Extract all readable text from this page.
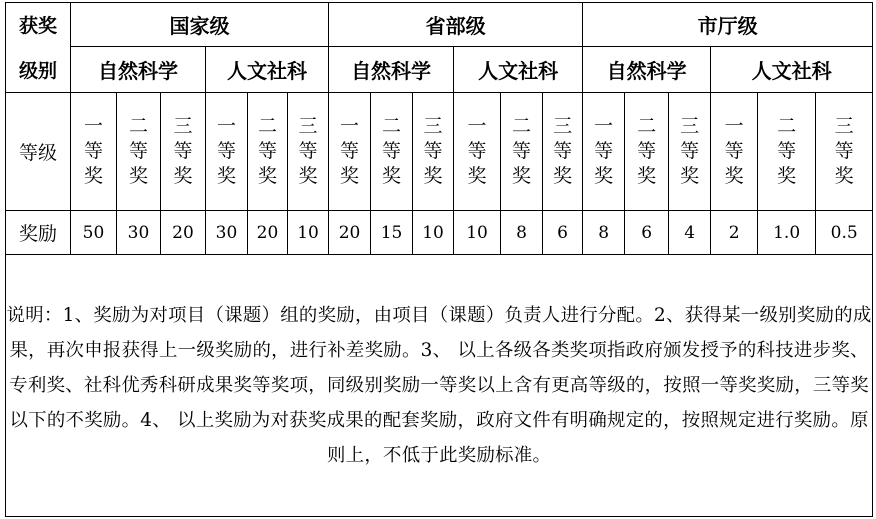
获奖	国家级						省部级						市厅级					
级别	自然科学			人文社科			自然科学			人文社科			自然科学			人文社科		
等级	一等奖	二等奖	三等奖	一等奖	二等奖	三等奖	一等奖	二等奖	三等奖	一等奖	二等奖	三等奖	一等奖	二等奖	三等奖	一等奖	二等奖	三等奖
奖励	50	30	20	30	20	10	20	15	10	10	8	6	8	6	4	2	1.0	0.5
说明：1、奖励为对项目（课题）组的奖励，由项目（课题）负责人进行分配。2、获得某一级别奖励的成果，再次申报获得上一级奖励的，进行补差奖励。3、 以上各级各类奖项指政府颁发授予的科技进步奖、专利奖、社科优秀科研成果奖等奖项，同级别奖励一等奖以上含有更高等级的，按照一等奖奖励，三等奖以下的不奖励。4、 以上奖励为对获奖成果的配套奖励，政府文件有明确规定的，按照规定进行奖励。原则上，不低于此奖励标准。																		
